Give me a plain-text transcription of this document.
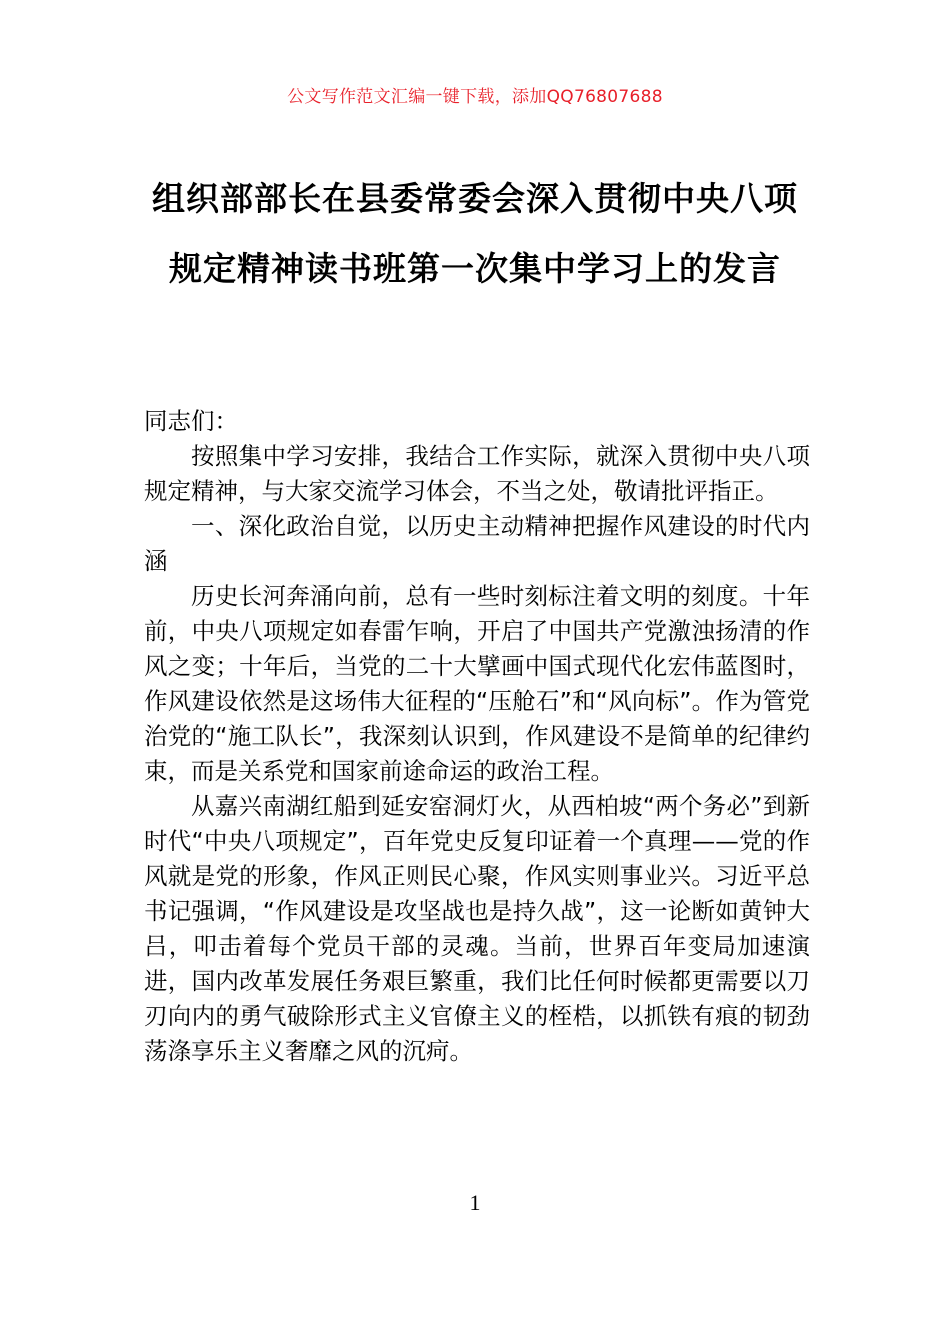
公文写作范文汇编一键下载，添加QQ76807688
组织部部长在县委常委会深入贯彻中央八项规定精神读书班第一次集中学习上的发言

同志们：

按照集中学习安排，我结合工作实际，就深入贯彻中央八项规定精神，与大家交流学习体会，不当之处，敬请批评指正。

一、深化政治自觉，以历史主动精神把握作风建设的时代内涵

历史长河奔涌向前，总有一些时刻标注着文明的刻度。十年前，中央八项规定如春雷乍响，开启了中国共产党激浊扬清的作风之变；十年后，当党的二十大擘画中国式现代化宏伟蓝图时，作风建设依然是这场伟大征程的“压舱石”和“风向标”。作为管党治党的“施工队长”，我深刻认识到，作风建设不是简单的纪律约束，而是关系党和国家前途命运的政治工程。

从嘉兴南湖红船到延安窑洞灯火，从西柏坡“两个务必”到新时代“中央八项规定”，百年党史反复印证着一个真理——党的作风就是党的形象，作风正则民心聚，作风实则事业兴。习近平总书记强调，“作风建设是攻坚战也是持久战”，这一论断如黄钟大吕，叩击着每个党员干部的灵魂。当前，世界百年变局加速演进，国内改革发展任务艰巨繁重，我们比任何时候都更需要以刀刃向内的勇气破除形式主义官僚主义的桎梏，以抓铁有痕的韧劲荡涤享乐主义奢靡之风的沉疴。

1
